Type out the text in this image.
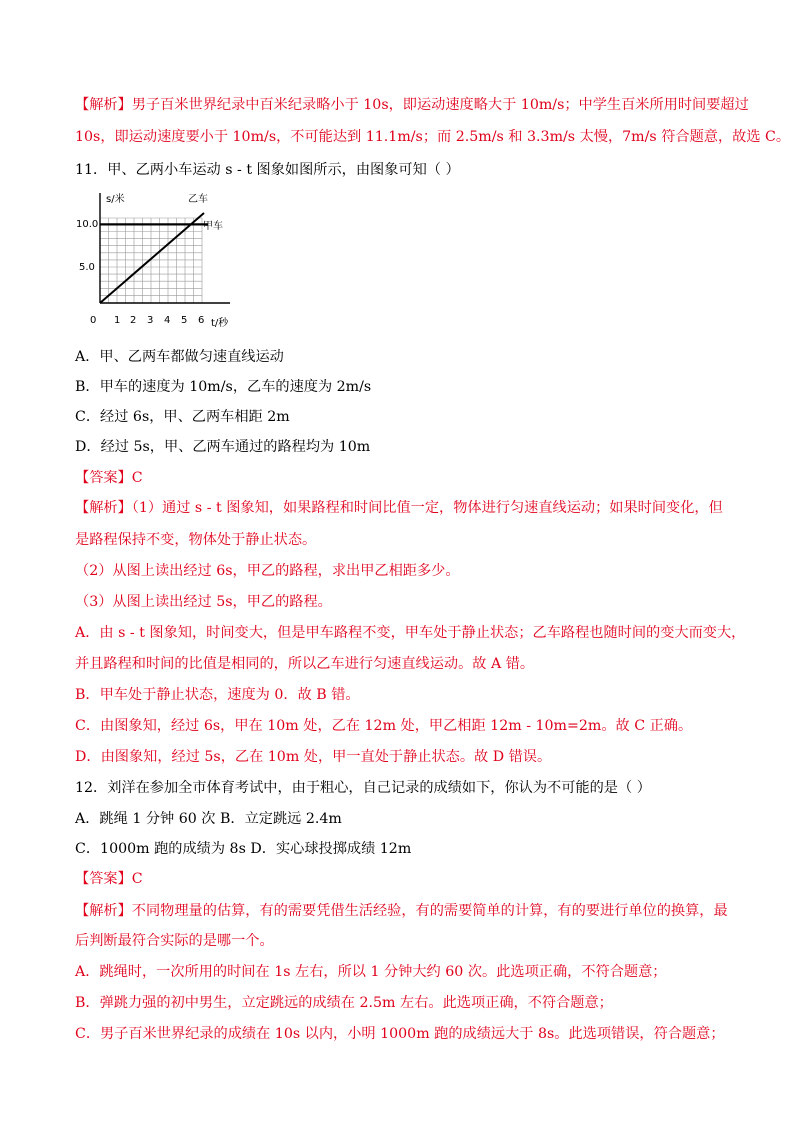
【解析】男子百米世界纪录中百米纪录略小于 10s，即运动速度略大于 10m/s；中学生百米所用时间要超过
10s，即运动速度要小于 10m/s，不可能达到 11.1m/s；而 2.5m/s 和 3.3m/s 太慢，7m/s 符合题意，故选 C。
11．甲、乙两小车运动 s - t 图象如图所示，由图象可知（ ）
s/米
10.0
5.0
乙车
甲车
0 1 2 3 4 5 6 t/秒
A．甲、乙两车都做匀速直线运动
B．甲车的速度为 10m/s，乙车的速度为 2m/s
C．经过 6s，甲、乙两车相距 2m
D．经过 5s，甲、乙两车通过的路程均为 10m
【答案】C
【解析】（1）通过 s - t 图象知，如果路程和时间比值一定，物体进行匀速直线运动；如果时间变化，但
是路程保持不变，物体处于静止状态。
（2）从图上读出经过 6s，甲乙的路程，求出甲乙相距多少。
（3）从图上读出经过 5s，甲乙的路程。
A．由 s - t 图象知，时间变大，但是甲车路程不变，甲车处于静止状态；乙车路程也随时间的变大而变大，
并且路程和时间的比值是相同的，所以乙车进行匀速直线运动。故 A 错。
B．甲车处于静止状态，速度为 0．故 B 错。
C．由图象知，经过 6s，甲在 10m 处，乙在 12m 处，甲乙相距 12m - 10m=2m。故 C 正确。
D．由图象知，经过 5s，乙在 10m 处，甲一直处于静止状态。故 D 错误。
12．刘洋在参加全市体育考试中，由于粗心，自己记录的成绩如下，你认为不可能的是（ ）
A．跳绳 1 分钟 60 次 B．立定跳远 2.4m
C．1000m 跑的成绩为 8s D．实心球投掷成绩 12m
【答案】C
【解析】不同物理量的估算，有的需要凭借生活经验，有的需要简单的计算，有的要进行单位的换算，最
后判断最符合实际的是哪一个。
A．跳绳时，一次所用的时间在 1s 左右，所以 1 分钟大约 60 次。此选项正确，不符合题意；
B．弹跳力强的初中男生，立定跳远的成绩在 2.5m 左右。此选项正确，不符合题意；
C．男子百米世界纪录的成绩在 10s 以内，小明 1000m 跑的成绩远大于 8s。此选项错误，符合题意；
